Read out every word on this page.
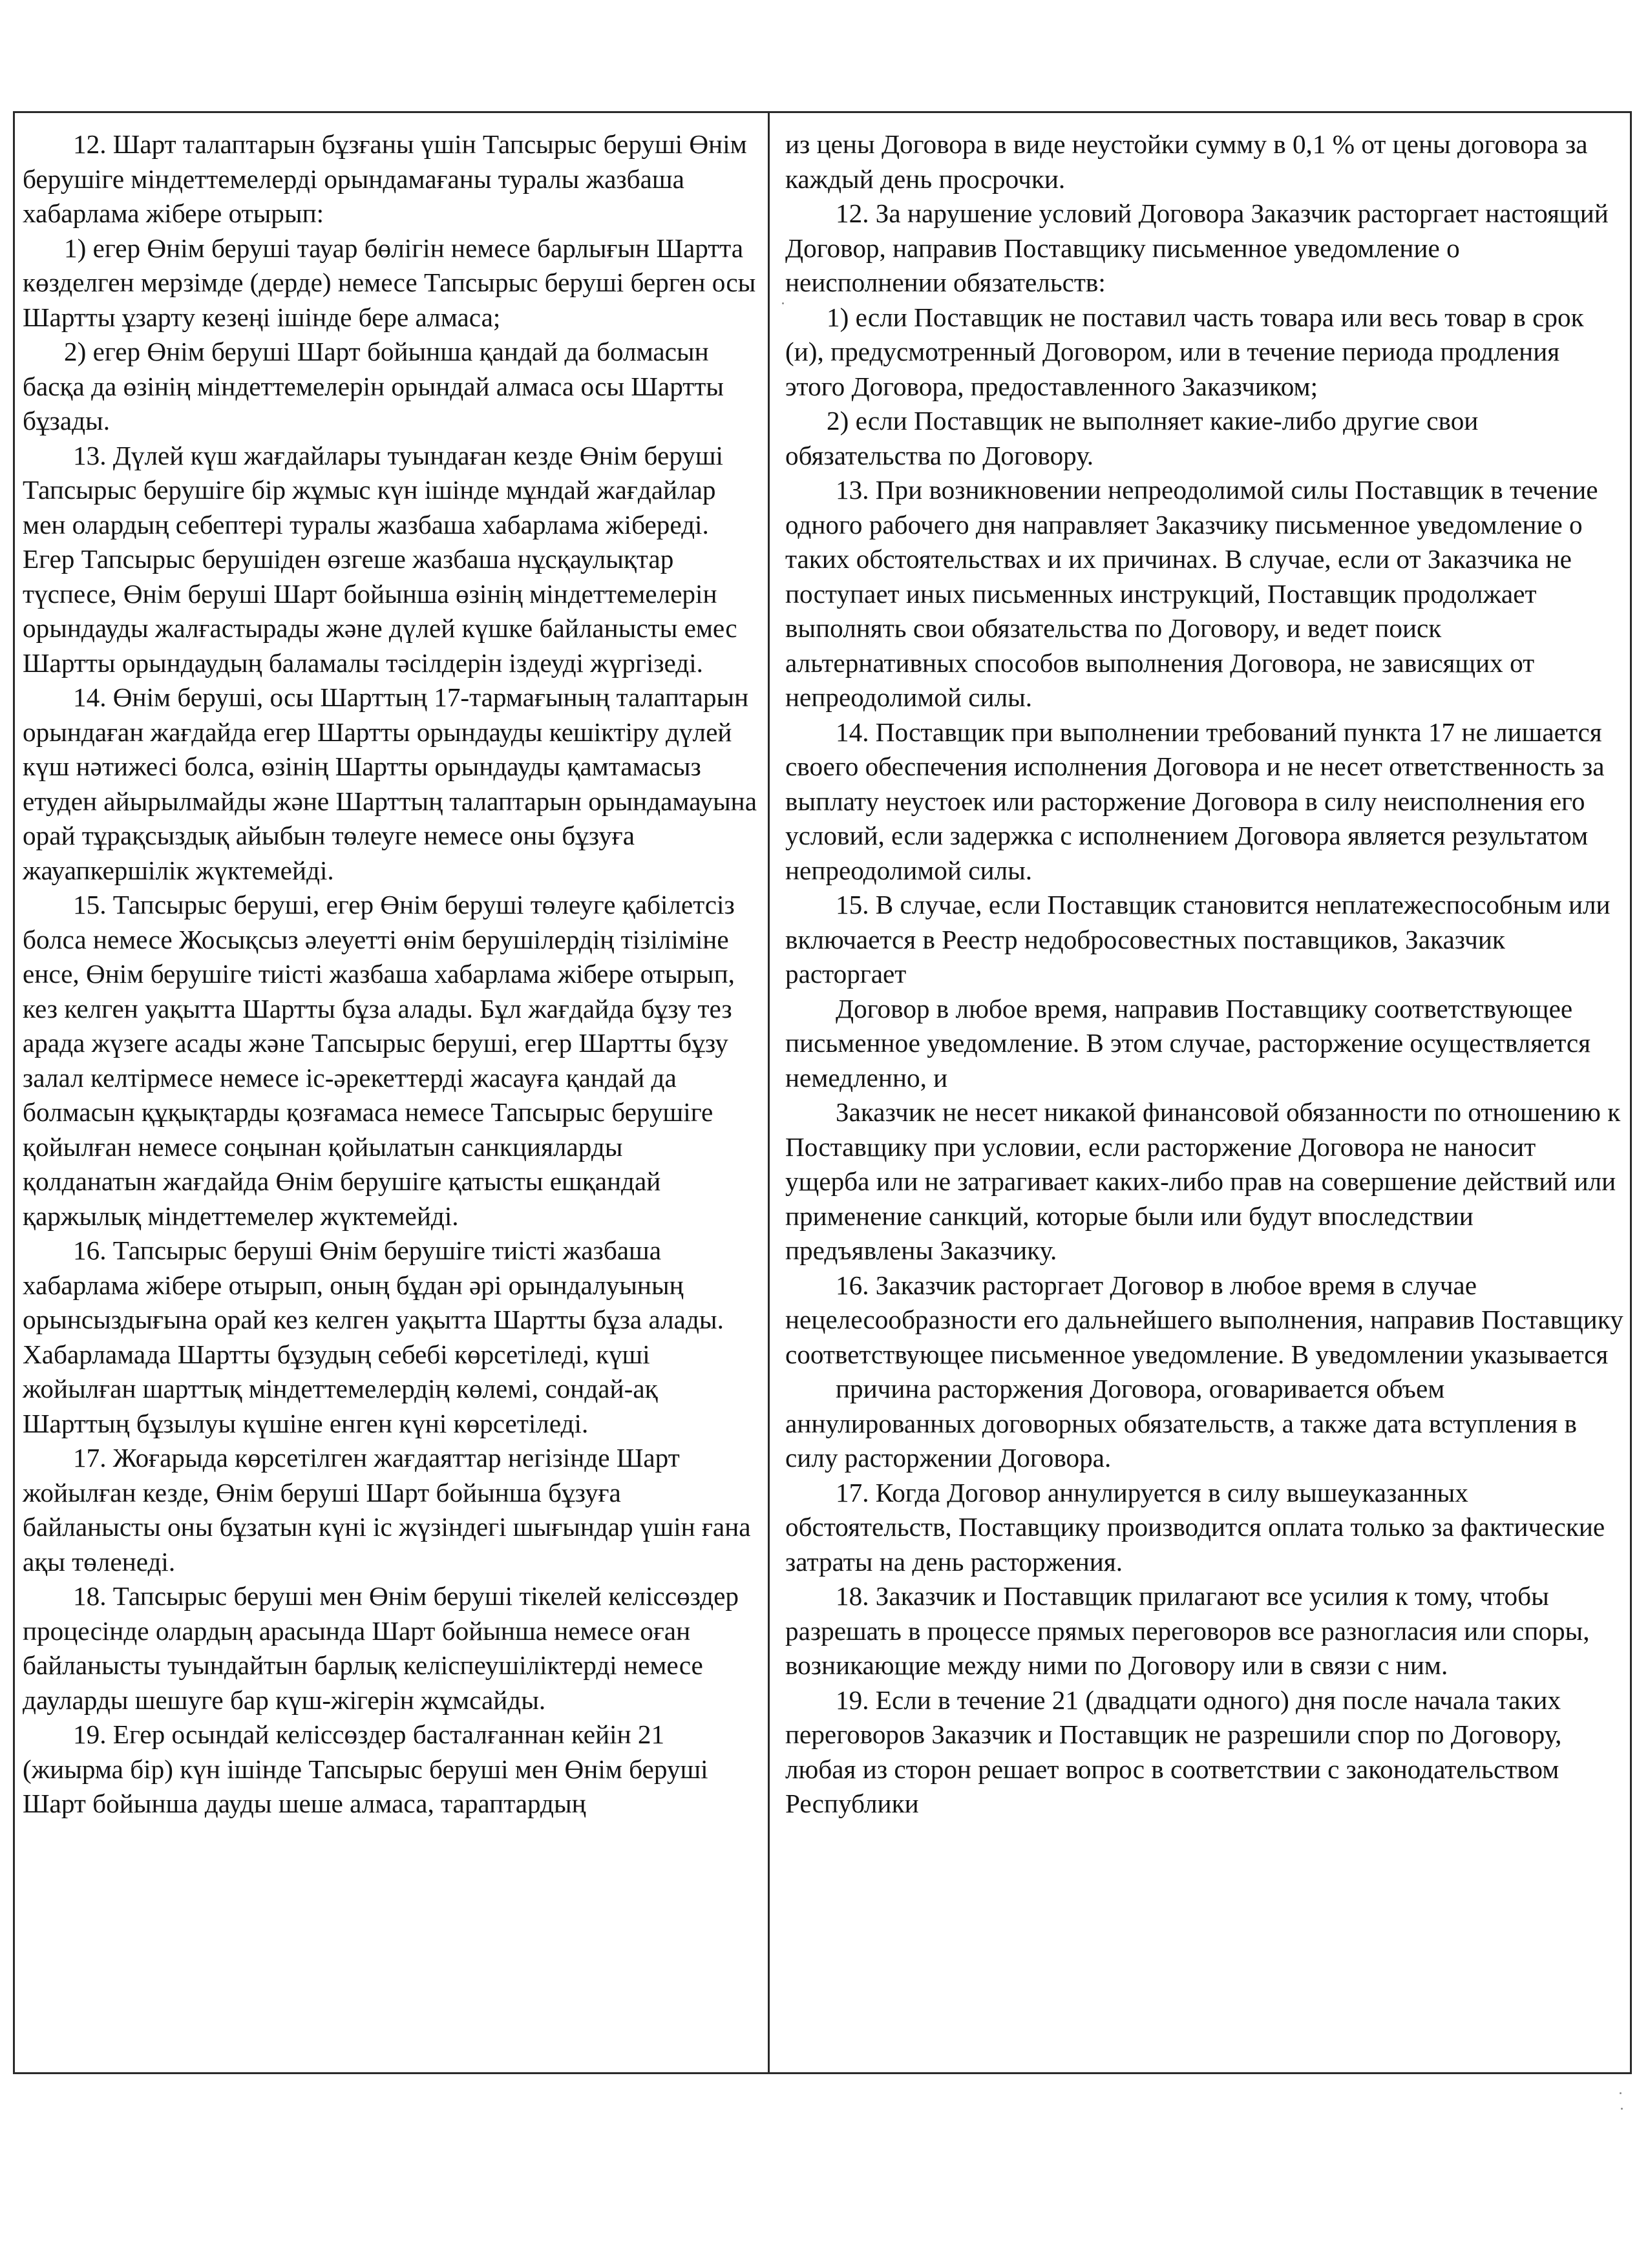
12. Шарт талаптарын бұзғаны үшін Тапсырыс беруші Өнім берушіге міндеттемелерді орындамағаны туралы жазбаша хабарлама жібере отырып:

1) егер Өнім беруші тауар бөлігін немесе барлығын Шартта көзделген мерзімде (дерде) немесе Тапсырыс беруші берген осы Шартты ұзарту кезеңі ішінде бере алмаса;

2) егер Өнім беруші Шарт бойынша қандай да болмасын басқа да өзінің міндеттемелерін орындай алмаса осы Шартты бұзады.

13. Дүлей күш жағдайлары туындаған кезде Өнім беруші Тапсырыс берушіге бір жұмыс күн ішінде мұндай жағдайлар мен олардың себептері туралы жазбаша хабарлама жібереді. Егер Тапсырыс берушіден өзгеше жазбаша нұсқаулықтар түспесе, Өнім беруші Шарт бойынша өзінің міндеттемелерін орындауды жалғастырады және дүлей күшке байланысты емес Шартты орындаудың баламалы тәсілдерін іздеуді жүргізеді.

14. Өнім беруші, осы Шарттың 17-тармағының талаптарын орындаған жағдайда егер Шартты орындауды кешіктіру дүлей күш нәтижесі болса, өзінің Шартты орындауды қамтамасыз етуден айырылмайды және Шарттың талаптарын орындамауына орай тұрақсыздық айыбын төлеуге немесе оны бұзуға жауапкершілік жүктемейді.

15. Тапсырыс беруші, егер Өнім беруші төлеуге қабілетсіз болса немесе Жосықсыз әлеуетті өнім берушілердің тізіліміне енсе, Өнім берушіге тиісті жазбаша хабарлама жібере отырып, кез келген уақытта Шартты бұза алады. Бұл жағдайда бұзу тез арада жүзеге асады және Тапсырыс беруші, егер Шартты бұзу залал келтірмесе немесе іс-әрекеттерді жасауға қандай да болмасын құқықтарды қозғамаса немесе Тапсырыс берушіге қойылған немесе соңынан қойылатын санкцияларды қолданатын жағдайда Өнім берушіге қатысты ешқандай қаржылық міндеттемелер жүктемейді.

16. Тапсырыс беруші Өнім берушіге тиісті жазбаша хабарлама жібере отырып, оның бұдан әрі орындалуының орынсыздығына орай кез келген уақытта Шартты бұза алады. Хабарламада Шартты бұзудың себебі көрсетіледі, күші жойылған шарттық міндеттемелердің көлемі, сондай-ақ Шарттың бұзылуы күшіне енген күні көрсетіледі.

17. Жоғарыда көрсетілген жағдаяттар негізінде Шарт жойылған кезде, Өнім беруші Шарт бойынша бұзуға байланысты оны бұзатын күні іс жүзіндегі шығындар үшін ғана ақы төленеді.

18. Тапсырыс беруші мен Өнім беруші тікелей келіссөздер процесінде олардың арасында Шарт бойынша немесе оған байланысты туындайтын барлық келіспеушіліктерді немесе дауларды шешуге бар күш-жігерін жұмсайды.

19. Егер осындай келіссөздер басталғаннан кейін 21 (жиырма бір) күн ішінде Тапсырыс беруші мен Өнім беруші Шарт бойынша дауды шеше алмаса, тараптардың

из цены Договора в виде неустойки сумму в 0,1 % от цены договора за каждый день просрочки.

12. За нарушение условий Договора Заказчик расторгает настоящий Договор, направив Поставщику письменное уведомление о неисполнении обязательств:

1) если Поставщик не поставил часть товара или весь товар в срок (и), предусмотренный Договором, или в течение периода продления этого Договора, предоставленного Заказчиком;

2) если Поставщик не выполняет какие-либо другие свои обязательства по Договору.

13. При возникновении непреодолимой силы Поставщик в течение одного рабочего дня направляет Заказчику письменное уведомление о таких обстоятельствах и их причинах. В случае, если от Заказчика не поступает иных письменных инструкций, Поставщик продолжает выполнять свои обязательства по Договору, и ведет поиск альтернативных способов выполнения Договора, не зависящих от непреодолимой силы.

14. Поставщик при выполнении требований пункта 17 не лишается своего обеспечения исполнения Договора и не несет ответственность за выплату неустоек или расторжение Договора в силу неисполнения его условий, если задержка с исполнением Договора является результатом непреодолимой силы.

15. В случае, если Поставщик становится неплатежеспособным или включается в Реестр недобросовестных поставщиков, Заказчик расторгает

Договор в любое время, направив Поставщику соответствующее письменное уведомление. В этом случае, расторжение осуществляется немедленно, и

Заказчик не несет никакой финансовой обязанности по отношению к Поставщику при условии, если расторжение Договора не наносит ущерба или не затрагивает каких-либо прав на совершение действий или применение санкций, которые были или будут впоследствии предъявлены Заказчику.

16. Заказчик расторгает Договор в любое время в случае нецелесообразности его дальнейшего выполнения, направив Поставщику соответствующее письменное уведомление. В уведомлении указывается

причина расторжения Договора, оговаривается объем аннулированных договорных обязательств, а также дата вступления в силу расторжении Договора.

17. Когда Договор аннулируется в силу вышеуказанных обстоятельств, Поставщику производится оплата только за фактические затраты на день расторжения.

18. Заказчик и Поставщик прилагают все усилия к тому, чтобы разрешать в процессе прямых переговоров все разногласия или споры, возникающие между ними по Договору или в связи с ним.

19. Если в течение 21 (двадцати одного) дня после начала таких переговоров Заказчик и Поставщик не разрешили спор по Договору, любая из сторон решает вопрос в соответствии с законодательством Республики
